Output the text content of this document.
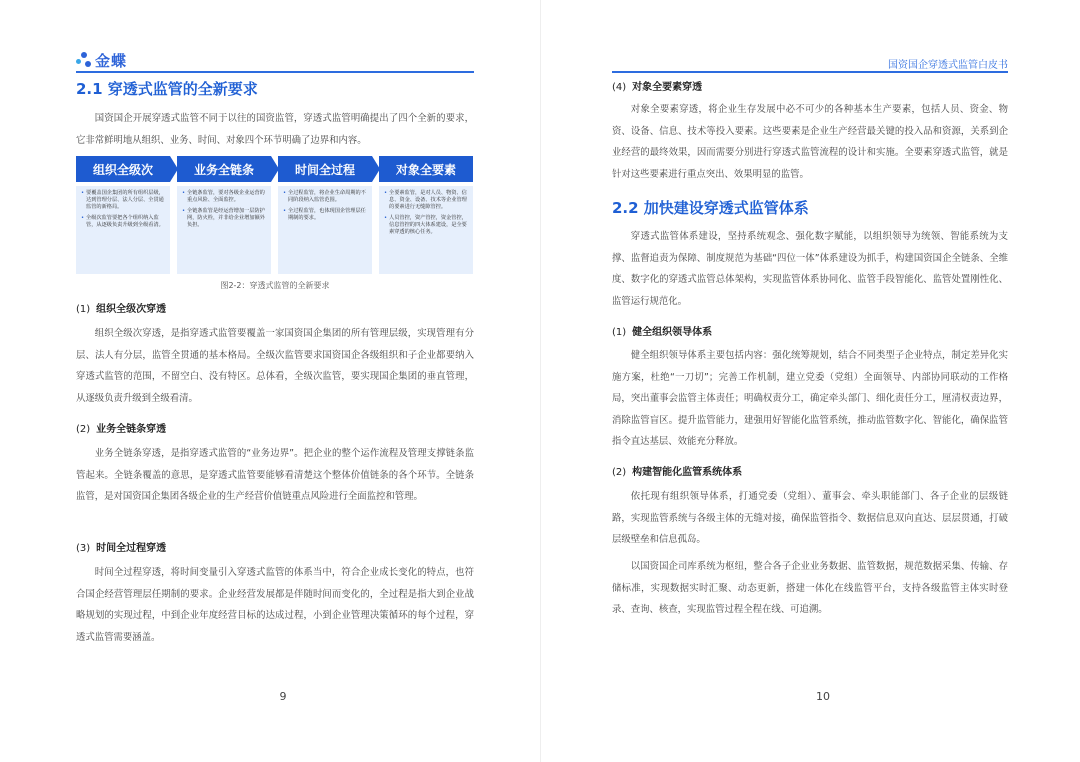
金蝶
2.1 穿透式监管的全新要求
国资国企开展穿透式监管不同于以往的国资监管，穿透式监管明确提出了四个全新的要求，它非常鲜明地从组织、业务、时间、对象四个环节明确了边界和内容。
组织全级次
• 要覆盖国企集团的所有组织层级，达到管理分层、法人分层、全贯通监管的新格局。
• 全级次监管要把各个组织纳入监管，从逐级负责升级到全级看清。
业务全链条
• 全链条监管，要对各级企业运营的重点风险、全面监控。
• 全链条监管是经运营增加一层防护网，防火栓，并非给企业增加额外负担。
时间全过程
• 全过程监管，将企业生命周期的不同阶段纳入监管范围。
• 全过程监管，也体现国企管理层任期制的要求。
对象全要素
• 全要素监管，是对人员、物资、信息、资金、设备、技术等企业管理的要素进行无缝隙管控。
• 人员管控，资产管控，资金管控，信息管控的四大体系建设，是全要素穿透的核心任务。
图2-2：穿透式监管的全新要求
(1) 组织全级次穿透
组织全级次穿透，是指穿透式监管要覆盖一家国资国企集团的所有管理层级，实现管理有分层、法人有分层，监管全贯通的基本格局。全级次监管要求国资国企各级组织和子企业都要纳入穿透式监管的范围，不留空白、没有特区。总体看，全级次监管，要实现国企集团的垂直管理，从逐级负责升级到全级看清。
(2) 业务全链条穿透
业务全链条穿透，是指穿透式监管的“业务边界”。把企业的整个运作流程及管理支撑链条监管起来。全链条覆盖的意思，是穿透式监管要能够看清楚这个整体价值链条的各个环节。全链条监管，是对国资国企集团各级企业的生产经营价值链重点风险进行全面监控和管理。
(3) 时间全过程穿透
时间全过程穿透，将时间变量引入穿透式监管的体系当中，符合企业成长变化的特点，也符合国企经营管理层任期制的要求。企业经营发展都是伴随时间而变化的，全过程是指大到企业战略规划的实现过程，中到企业年度经营目标的达成过程，小到企业管理决策循环的每个过程，穿透式监管需要涵盖。
9
国资国企穿透式监管白皮书
(4) 对象全要素穿透
对象全要素穿透，将企业生存发展中必不可少的各种基本生产要素，包括人员、资金、物资、设备、信息、技术等投入要素。这些要素是企业生产经营最关键的投入品和资源，关系到企业经营的最终效果，因而需要分别进行穿透式监管流程的设计和实施。全要素穿透式监管，就是针对这些要素进行重点突出、效果明显的监管。
2.2 加快建设穿透式监管体系
穿透式监管体系建设，坚持系统观念、强化数字赋能，以组织领导为统领、智能系统为支撑、监督追责为保障、制度规范为基础“四位一体”体系建设为抓手，构建国资国企全链条、全维度、数字化的穿透式监管总体架构，实现监管体系协同化、监管手段智能化、监管处置刚性化、监管运行规范化。
(1) 健全组织领导体系
健全组织领导体系主要包括内容：强化统筹规划，结合不同类型子企业特点，制定差异化实施方案，杜绝“一刀切”；完善工作机制，建立党委（党组）全面领导、内部协同联动的工作格局，突出董事会监管主体责任；明确权责分工，确定牵头部门、细化责任分工，厘清权责边界，消除监管盲区。提升监管能力，建强用好智能化监管系统，推动监管数字化、智能化，确保监管指令直达基层、效能充分释放。
(2) 构建智能化监管系统体系
依托现有组织领导体系，打通党委（党组）、董事会、牵头职能部门、各子企业的层级链路，实现监管系统与各级主体的无缝对接，确保监管指令、数据信息双向直达、层层贯通，打破层级壁垒和信息孤岛。
以国资国企司库系统为枢纽，整合各子企业业务数据、监管数据，规范数据采集、传输、存储标准，实现数据实时汇聚、动态更新，搭建一体化在线监管平台，支持各级监管主体实时登录、查询、核查，实现监管过程全程在线、可追溯。
10
